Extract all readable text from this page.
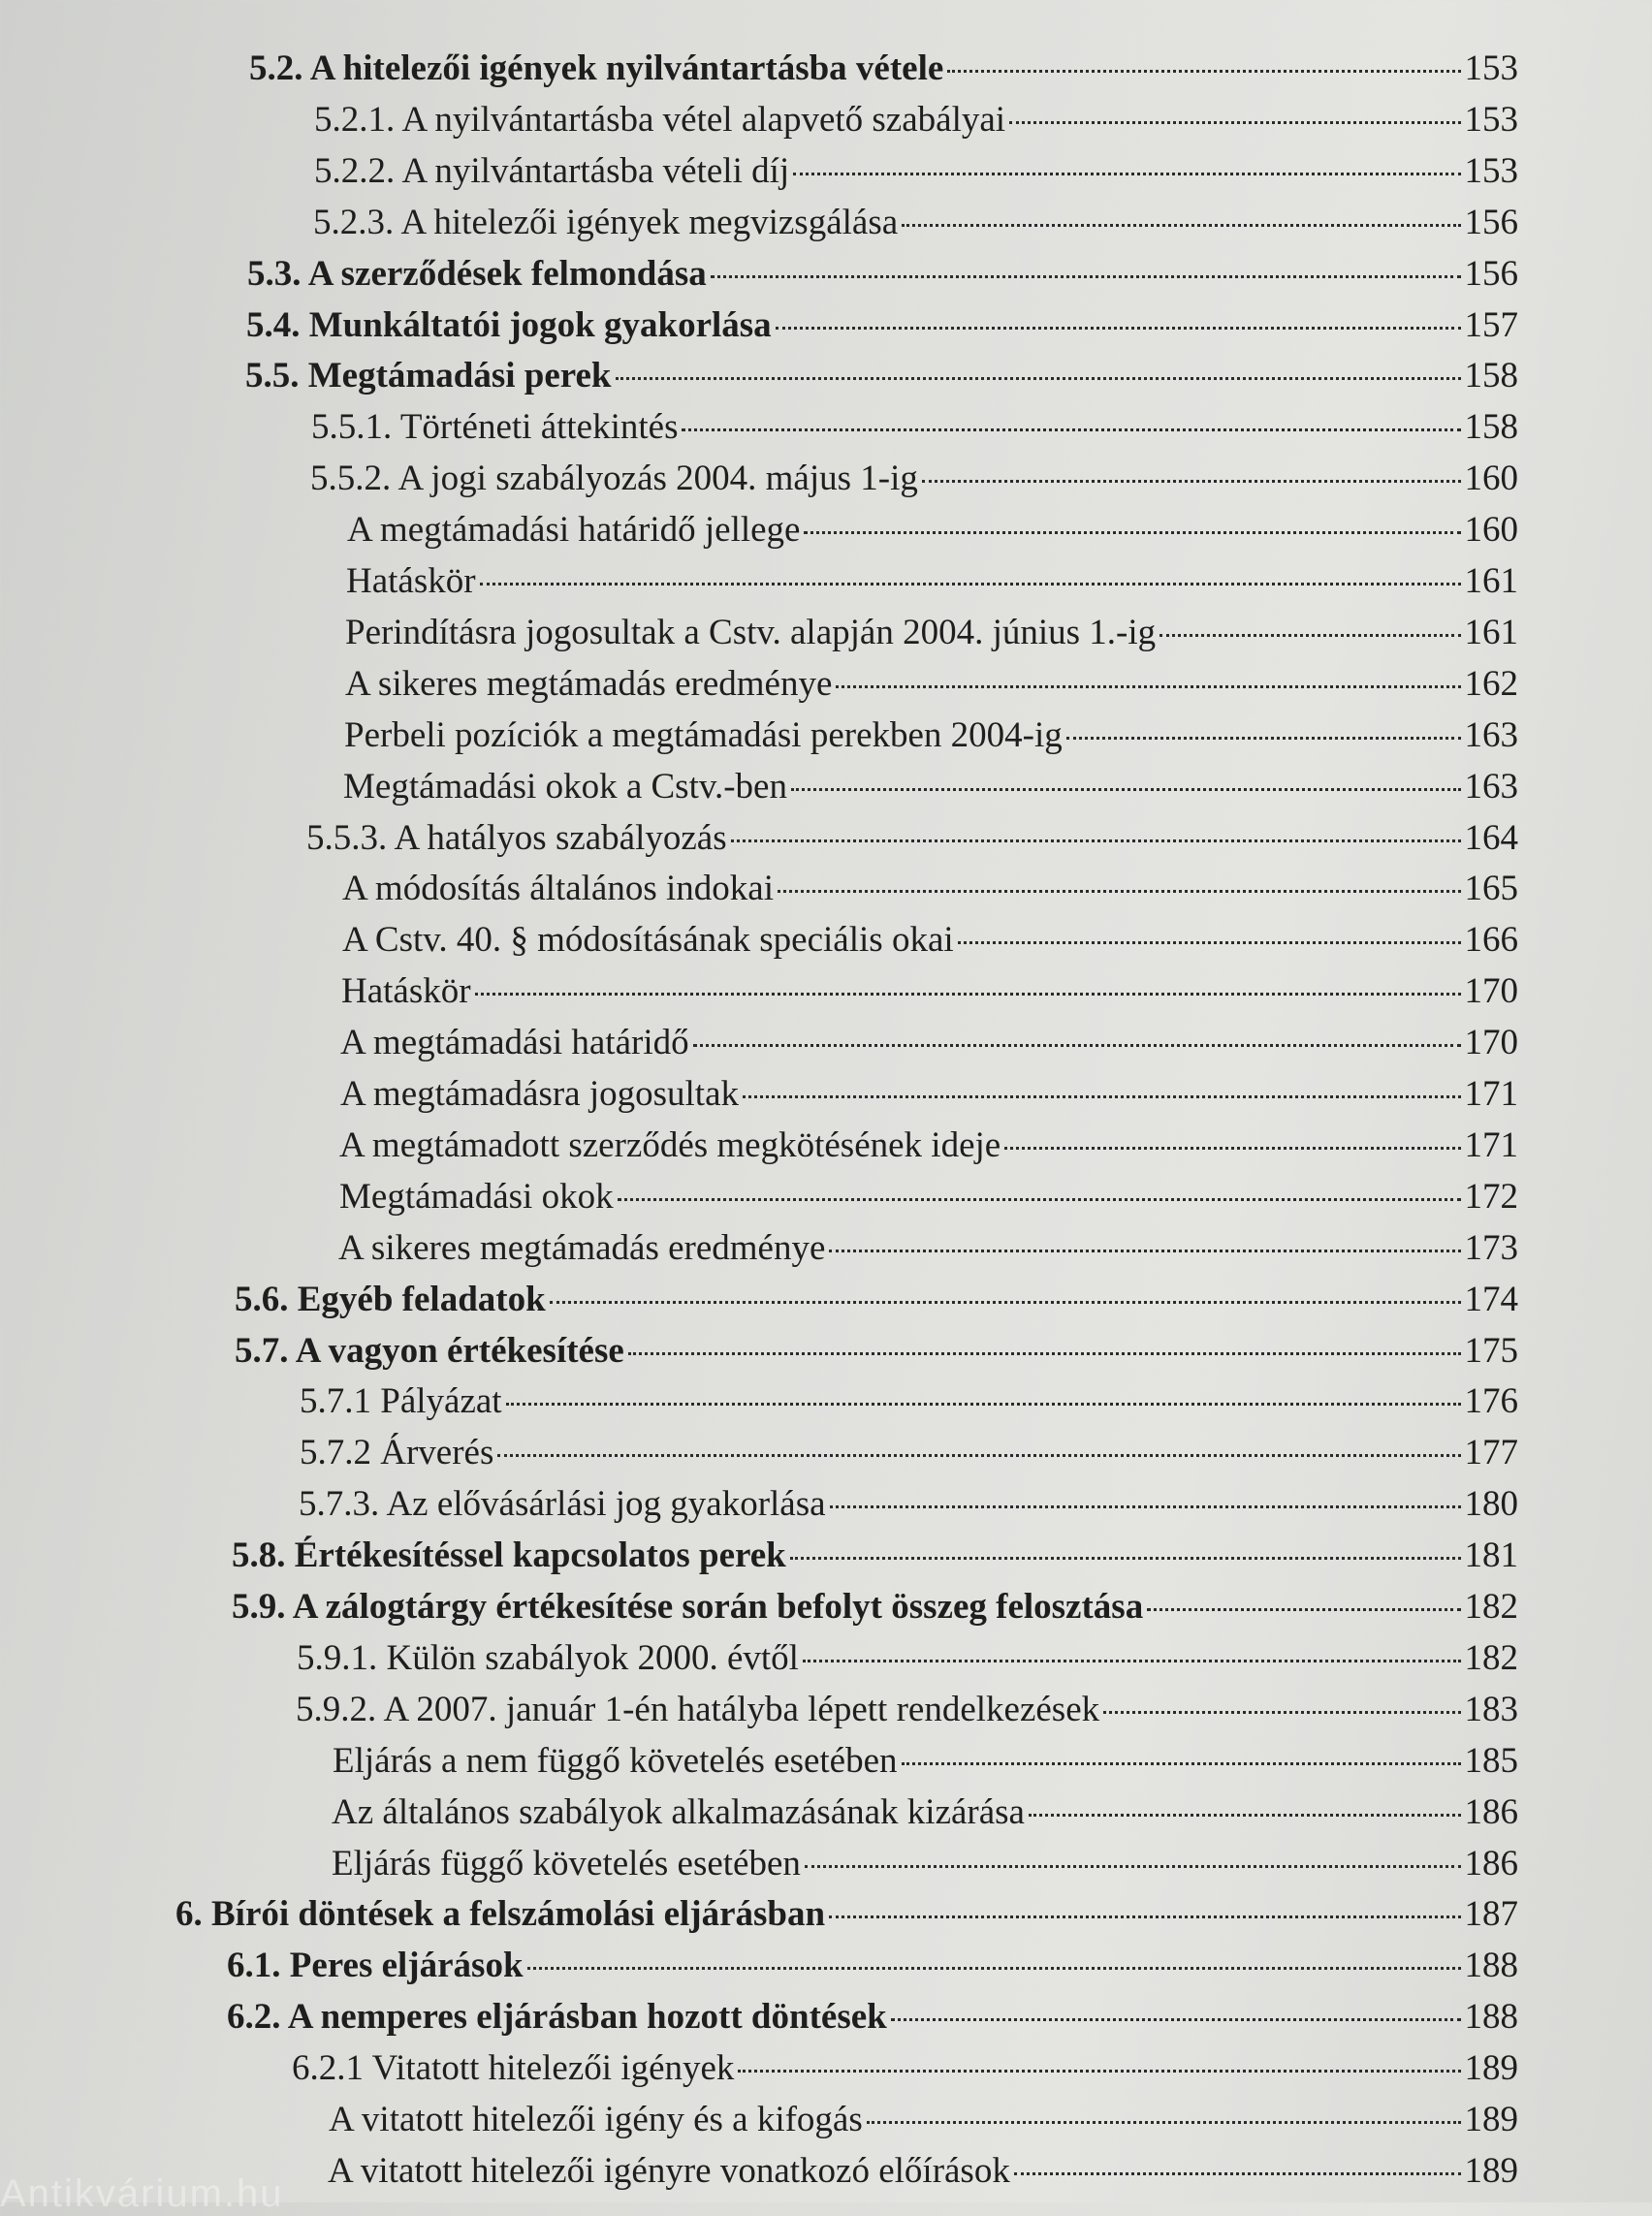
5.2. A hitelezői igények nyilvántartásba vétele	153
5.2.1. A nyilvántartásba vétel alapvető szabályai	153
5.2.2. A nyilvántartásba vételi díj	153
5.2.3. A hitelezői igények megvizsgálása	156
5.3. A szerződések felmondása	156
5.4. Munkáltatói jogok gyakorlása	157
5.5. Megtámadási perek	158
5.5.1. Történeti áttekintés	158
5.5.2. A jogi szabályozás 2004. május 1-ig	160
A megtámadási határidő jellege	160
Hatáskör	161
Perindításra jogosultak a Cstv. alapján 2004. június 1.-ig	161
A sikeres megtámadás eredménye	162
Perbeli pozíciók a megtámadási perekben 2004-ig	163
Megtámadási okok a Cstv.-ben	163
5.5.3. A hatályos szabályozás	164
A módosítás általános indokai	165
A Cstv. 40. § módosításának speciális okai	166
Hatáskör	170
A megtámadási határidő	170
A megtámadásra jogosultak	171
A megtámadott szerződés megkötésének ideje	171
Megtámadási okok	172
A sikeres megtámadás eredménye	173
5.6. Egyéb feladatok	174
5.7. A vagyon értékesítése	175
5.7.1 Pályázat	176
5.7.2 Árverés	177
5.7.3. Az elővásárlási jog gyakorlása	180
5.8. Értékesítéssel kapcsolatos perek	181
5.9. A zálogtárgy értékesítése során befolyt összeg felosztása	182
5.9.1. Külön szabályok 2000. évtől	182
5.9.2. A 2007. január 1-én hatályba lépett rendelkezések	183
Eljárás a nem függő követelés esetében	185
Az általános szabályok alkalmazásának kizárása	186
Eljárás függő követelés esetében	186
6. Bírói döntések a felszámolási eljárásban	187
6.1. Peres eljárások	188
6.2. A nemperes eljárásban hozott döntések	188
6.2.1 Vitatott hitelezői igények	189
A vitatott hitelezői igény és a kifogás	189
A vitatott hitelezői igényre vonatkozó előírások	189
Antikvárium.hu
